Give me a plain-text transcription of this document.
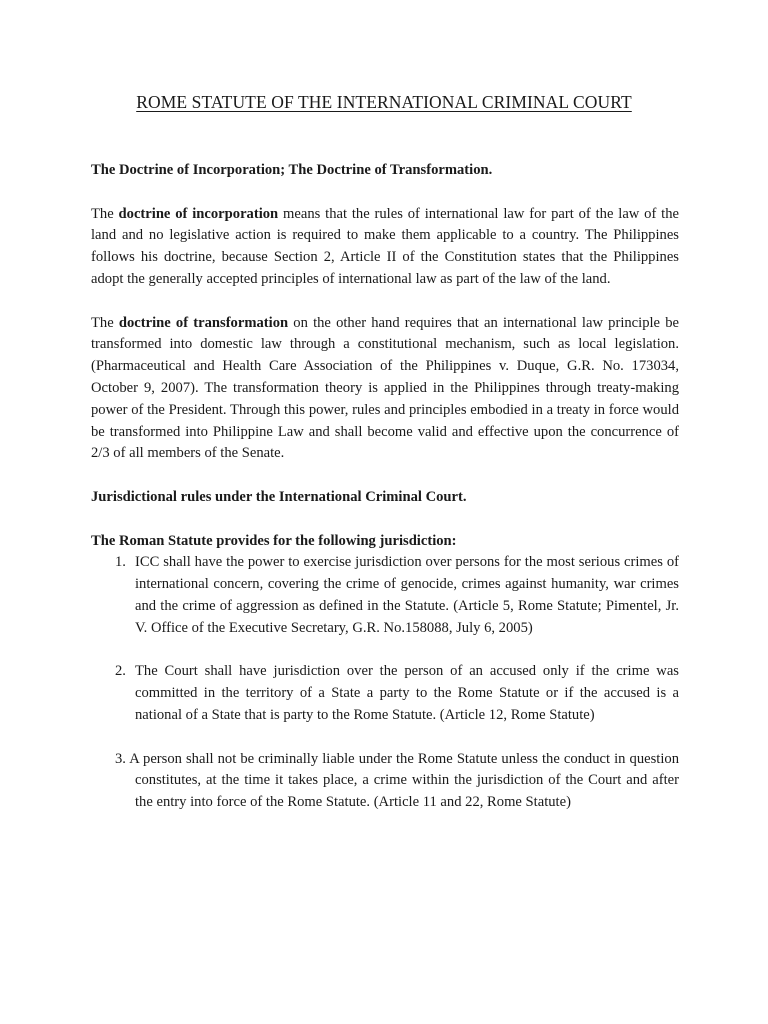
ROME STATUTE OF THE INTERNATIONAL CRIMINAL COURT
The Doctrine of Incorporation; The Doctrine of Transformation.

The doctrine of incorporation means that the rules of international law for part of the law of the land and no legislative action is required to make them applicable to a country. The Philippines follows his doctrine, because Section 2, Article II of the Constitution states that the Philippines adopt the generally accepted principles of international law as part of the law of the land.

The doctrine of transformation on the other hand requires that an international law principle be transformed into domestic law through a constitutional mechanism, such as local legislation. (Pharmaceutical and Health Care Association of the Philippines v. Duque, G.R. No. 173034, October 9, 2007). The transformation theory is applied in the Philippines through treaty-making power of the President. Through this power, rules and principles embodied in a treaty in force would be transformed into Philippine Law and shall become valid and effective upon the concurrence of 2/3 of all members of the Senate.

Jurisdictional rules under the International Criminal Court.
The Roman Statute provides for the following jurisdiction:
1. ICC shall have the power to exercise jurisdiction over persons for the most serious crimes of international concern, covering the crime of genocide, crimes against humanity, war crimes and the crime of aggression as defined in the Statute. (Article 5, Rome Statute; Pimentel, Jr. V. Office of the Executive Secretary, G.R. No.158088, July 6, 2005)
2. The Court shall have jurisdiction over the person of an accused only if the crime was committed in the territory of a State a party to the Rome Statute or if the accused is a national of a State that is party to the Rome Statute. (Article 12, Rome Statute)
3. A person shall not be criminally liable under the Rome Statute unless the conduct in question constitutes, at the time it takes place, a crime within the jurisdiction of the Court and after the entry into force of the Rome Statute. (Article 11 and 22, Rome Statute)
